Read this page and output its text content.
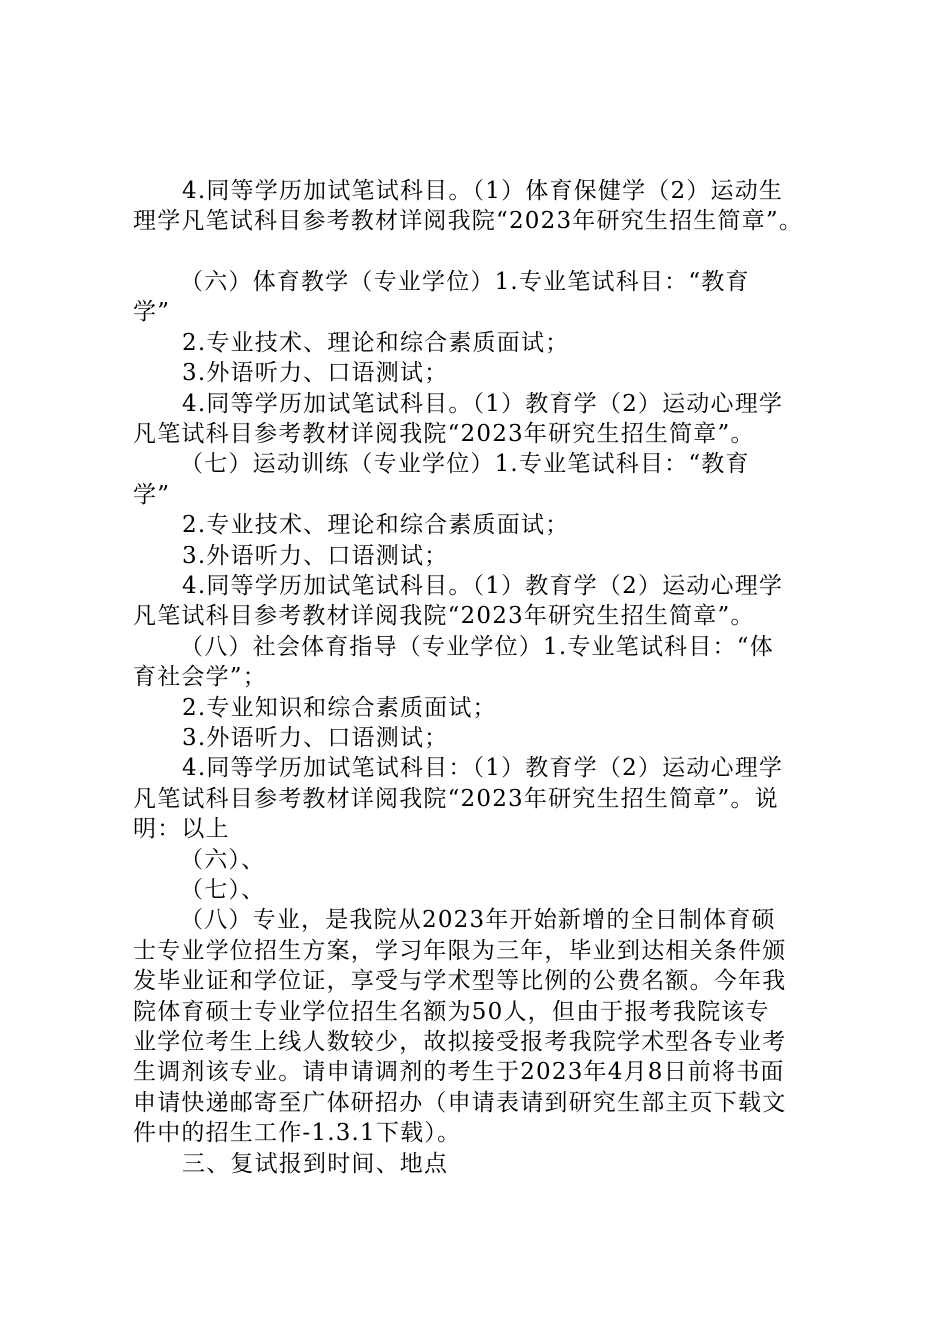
4.同等学历加试笔试科目。（1）体育保健学（2）运动生

理学凡笔试科目参考教材详阅我院“2023年研究生招生简章”。

（六）体育教学（专业学位）1.专业笔试科目：“教育

学”

2.专业技术、理论和综合素质面试；

3.外语听力、口语测试；

4.同等学历加试笔试科目。（1）教育学（2）运动心理学

凡笔试科目参考教材详阅我院“2023年研究生招生简章”。

（七）运动训练（专业学位）1.专业笔试科目：“教育

学”

2.专业技术、理论和综合素质面试；

3.外语听力、口语测试；

4.同等学历加试笔试科目。（1）教育学（2）运动心理学

凡笔试科目参考教材详阅我院“2023年研究生招生简章”。

（八）社会体育指导（专业学位）1.专业笔试科目：“体

育社会学”；

2.专业知识和综合素质面试；

3.外语听力、口语测试；

4.同等学历加试笔试科目：（1）教育学（2）运动心理学

凡笔试科目参考教材详阅我院“2023年研究生招生简章”。说

明：以上

（六）、

（七）、

（八）专业，是我院从2023年开始新增的全日制体育硕

士专业学位招生方案，学习年限为三年，毕业到达相关条件颁

发毕业证和学位证，享受与学术型等比例的公费名额。今年我

院体育硕士专业学位招生名额为50人，但由于报考我院该专

业学位考生上线人数较少，故拟接受报考我院学术型各专业考

生调剂该专业。请申请调剂的考生于2023年4月8日前将书面

申请快递邮寄至广体研招办（申请表请到研究生部主页下载文

件中的招生工作-1.3.1下载）。

三、复试报到时间、地点
